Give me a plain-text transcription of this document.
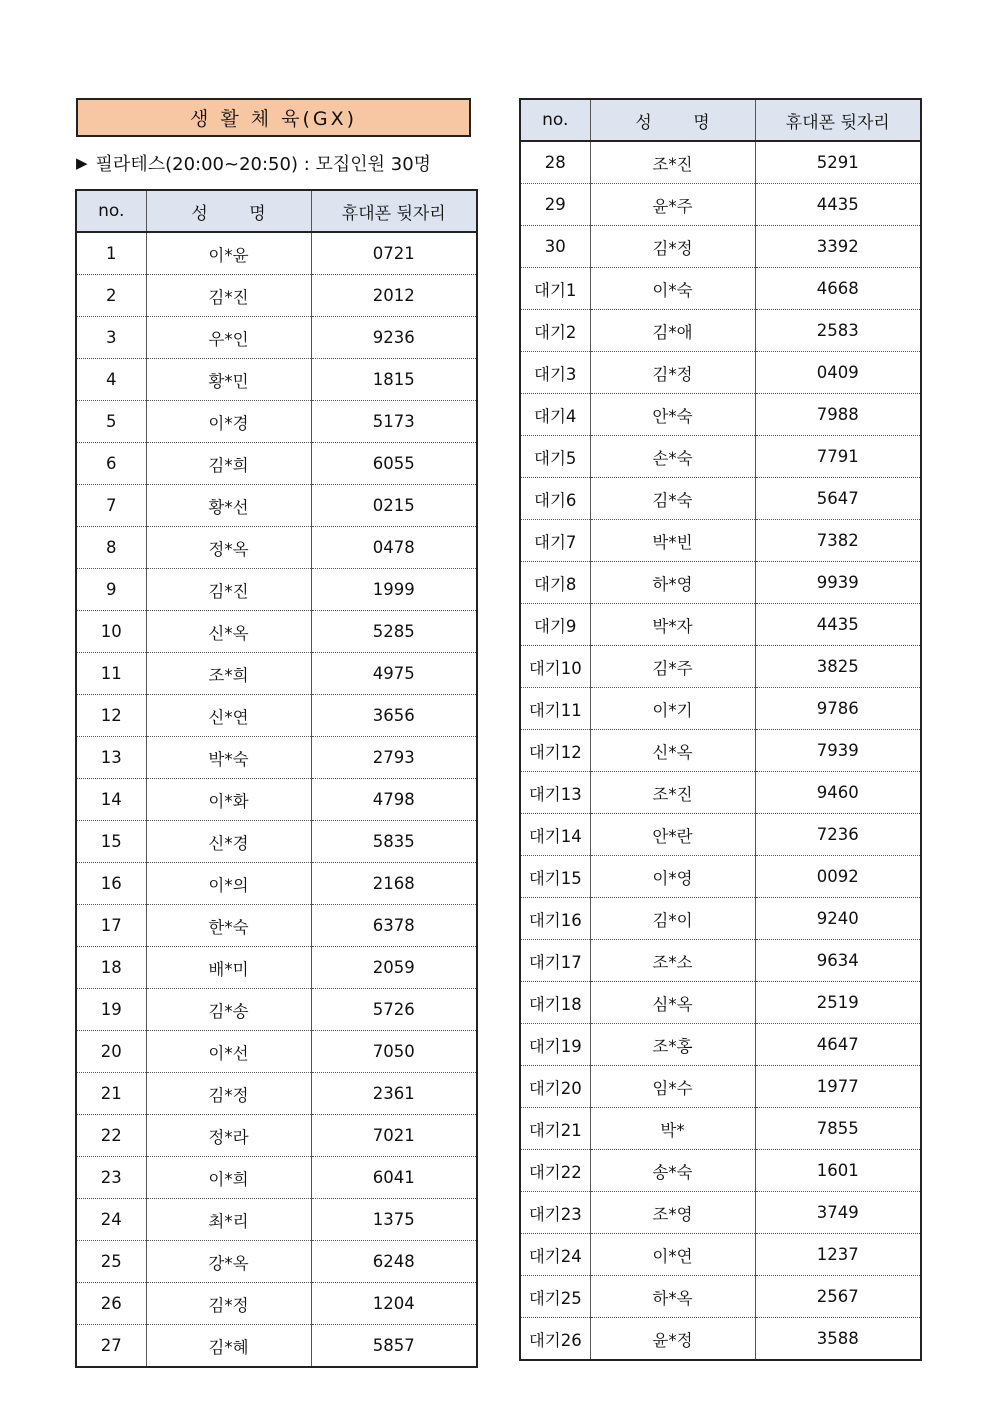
생 활 체 육(GX)
▶ 필라테스(20:00~20:50) : 모집인원 30명
no.	성 명	휴대폰 뒷자리
1	이*윤	0721
2	김*진	2012
3	우*인	9236
4	황*민	1815
5	이*경	5173
6	김*희	6055
7	황*선	0215
8	정*옥	0478
9	김*진	1999
10	신*옥	5285
11	조*희	4975
12	신*연	3656
13	박*숙	2793
14	이*화	4798
15	신*경	5835
16	이*의	2168
17	한*숙	6378
18	배*미	2059
19	김*송	5726
20	이*선	7050
21	김*정	2361
22	정*라	7021
23	이*희	6041
24	최*리	1375
25	강*옥	6248
26	김*정	1204
27	김*혜	5857
no.	성 명	휴대폰 뒷자리
28	조*진	5291
29	윤*주	4435
30	김*정	3392
대기1	이*숙	4668
대기2	김*애	2583
대기3	김*정	0409
대기4	안*숙	7988
대기5	손*숙	7791
대기6	김*숙	5647
대기7	박*빈	7382
대기8	하*영	9939
대기9	박*자	4435
대기10	김*주	3825
대기11	이*기	9786
대기12	신*옥	7939
대기13	조*진	9460
대기14	안*란	7236
대기15	이*영	0092
대기16	김*이	9240
대기17	조*소	9634
대기18	심*옥	2519
대기19	조*홍	4647
대기20	임*수	1977
대기21	박*	7855
대기22	송*숙	1601
대기23	조*영	3749
대기24	이*연	1237
대기25	하*옥	2567
대기26	윤*정	3588
